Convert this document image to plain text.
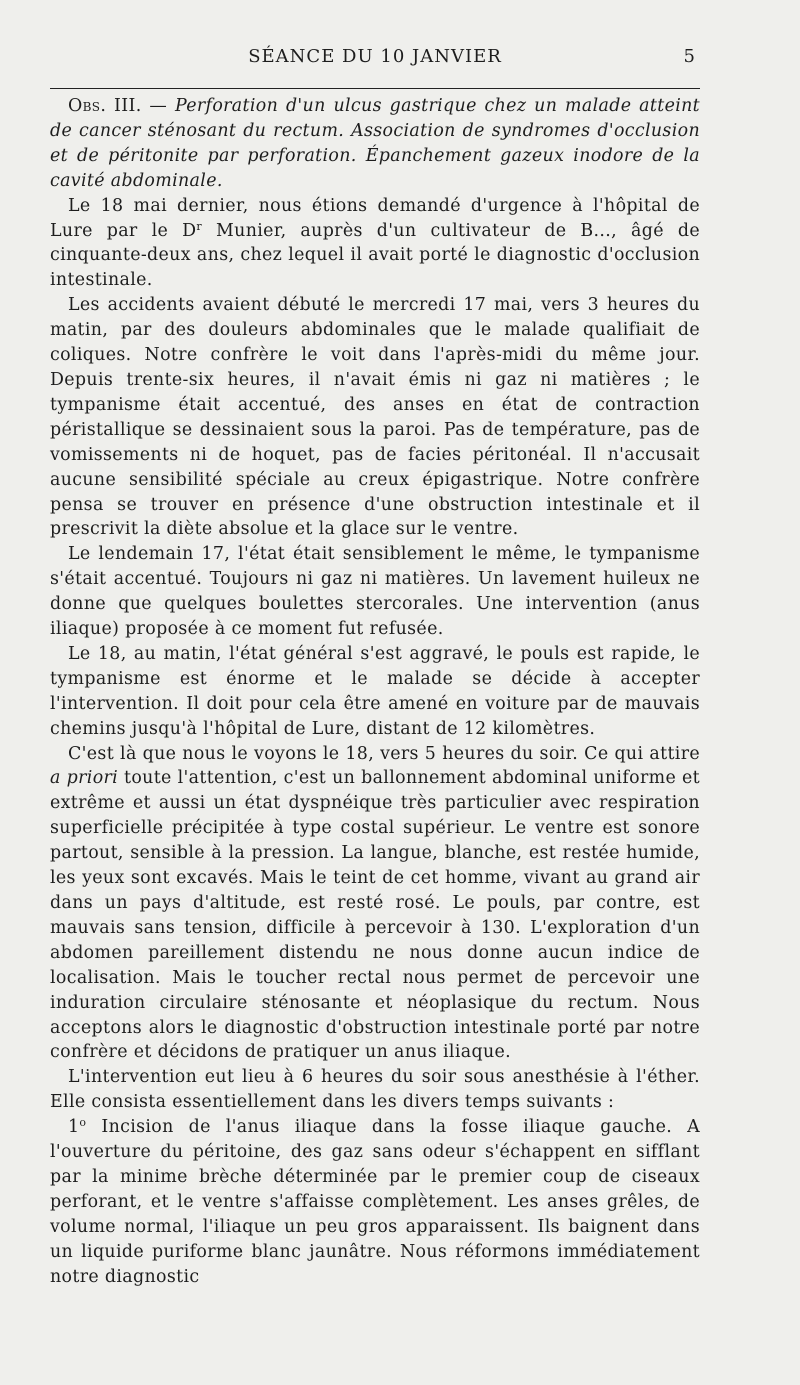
SÉANCE DU 10 JANVIER	5

Obs. III. — Perforation d'un ulcus gastrique chez un malade atteint de cancer sténosant du rectum. Association de syndromes d'occlusion et de péritonite par perforation. Épanchement gazeux inodore de la cavité abdominale.

Le 18 mai dernier, nous étions demandé d'urgence à l'hôpital de Lure par le $D^r$ Munier, auprès d'un cultivateur de B..., âgé de cinquante-deux ans, chez lequel il avait porté le diagnostic d'occlusion intestinale.

Les accidents avaient débuté le mercredi 17 mai, vers 3 heures du matin, par des douleurs abdominales que le malade qualifiait de coliques. Notre confrère le voit dans l'après-midi du même jour. Depuis trente-six heures, il n'avait émis ni gaz ni matières ; le tympanisme était accentué, des anses en état de contraction péristallique se dessinaient sous la paroi. Pas de température, pas de vomissements ni de hoquet, pas de facies péritonéal. Il n'accusait aucune sensibilité spéciale au creux épigastrique. Notre confrère pensa se trouver en présence d'une obstruction intestinale et il prescrivit la diète absolue et la glace sur le ventre.

Le lendemain 17, l'état était sensiblement le même, le tympanisme s'était accentué. Toujours ni gaz ni matières. Un lavement huileux ne donne que quelques boulettes stercorales. Une intervention (anus iliaque) proposée à ce moment fut refusée.

Le 18, au matin, l'état général s'est aggravé, le pouls est rapide, le tympanisme est énorme et le malade se décide à accepter l'intervention. Il doit pour cela être amené en voiture par de mauvais chemins jusqu'à l'hôpital de Lure, distant de 12 kilomètres.

C'est là que nous le voyons le 18, vers 5 heures du soir. Ce qui attire a priori toute l'attention, c'est un ballonnement abdominal uniforme et extrême et aussi un état dyspnéique très particulier avec respiration superficielle précipitée à type costal supérieur. Le ventre est sonore partout, sensible à la pression. La langue, blanche, est restée humide, les yeux sont excavés. Mais le teint de cet homme, vivant au grand air dans un pays d'altitude, est resté rosé. Le pouls, par contre, est mauvais sans tension, difficile à percevoir à 130. L'exploration d'un abdomen pareillement distendu ne nous donne aucun indice de localisation. Mais le toucher rectal nous permet de percevoir une induration circulaire sténosante et néoplasique du rectum. Nous acceptons alors le diagnostic d'obstruction intestinale porté par notre confrère et décidons de pratiquer un anus iliaque.

L'intervention eut lieu à 6 heures du soir sous anesthésie à l'éther. Elle consista essentiellement dans les divers temps suivants :

1$^o$ Incision de l'anus iliaque dans la fosse iliaque gauche. A l'ouverture du péritoine, des gaz sans odeur s'échappent en sifflant par la minime brèche déterminée par le premier coup de ciseaux perforant, et le ventre s'affaisse complètement. Les anses grêles, de volume normal, l'iliaque un peu gros apparaissent. Ils baignent dans un liquide puriforme blanc jaunâtre. Nous réformons immédiatement notre diagnostic
